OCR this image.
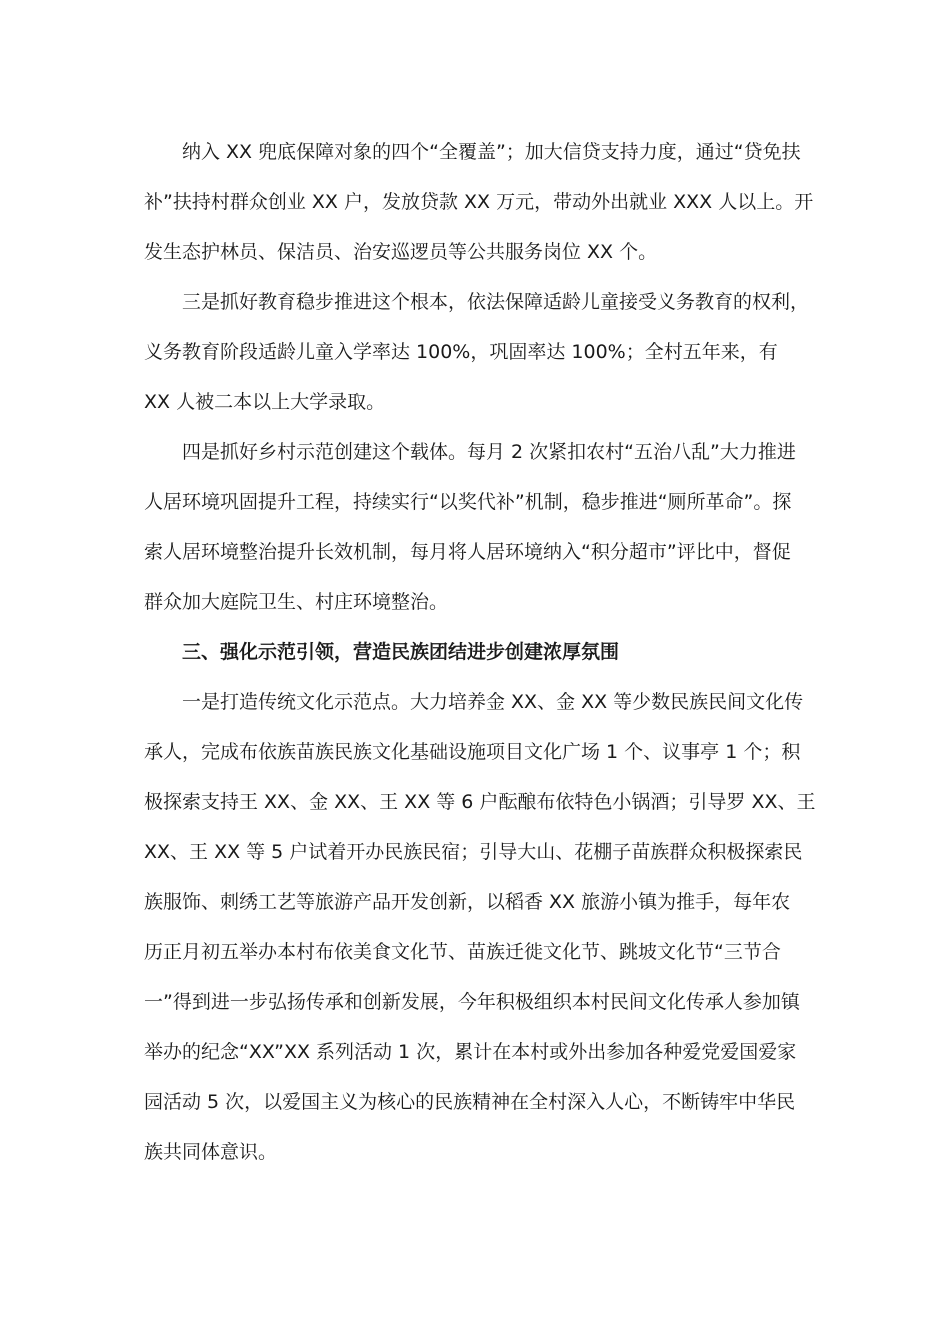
　　纳入 XX 兜底保障对象的四个“全覆盖”；加大信贷支持力度，通过“贷免扶
补”扶持村群众创业 XX 户，发放贷款 XX 万元，带动外出就业 XXX 人以上。开
发生态护林员、保洁员、治安巡逻员等公共服务岗位 XX 个。
　　三是抓好教育稳步推进这个根本，依法保障适龄儿童接受义务教育的权利，
义务教育阶段适龄儿童入学率达 100%，巩固率达 100%；全村五年来，有
XX 人被二本以上大学录取。
　　四是抓好乡村示范创建这个载体。每月 2 次紧扣农村“五治八乱”大力推进
人居环境巩固提升工程，持续实行“以奖代补”机制，稳步推进“厕所革命”。探
索人居环境整治提升长效机制，每月将人居环境纳入“积分超市”评比中，督促
群众加大庭院卫生、村庄环境整治。
　　三、强化示范引领，营造民族团结进步创建浓厚氛围
　　一是打造传统文化示范点。大力培养金 XX、金 XX 等少数民族民间文化传
承人，完成布依族苗族民族文化基础设施项目文化广场 1 个、议事亭 1 个；积
极探索支持王 XX、金 XX、王 XX 等 6 户酝酿布依特色小锅酒；引导罗 XX、王
XX、王 XX 等 5 户试着开办民族民宿；引导大山、花棚子苗族群众积极探索民
族服饰、刺绣工艺等旅游产品开发创新，以稻香 XX 旅游小镇为推手，每年农
历正月初五举办本村布依美食文化节、苗族迁徙文化节、跳坡文化节“三节合
一”得到进一步弘扬传承和创新发展，今年积极组织本村民间文化传承人参加镇
举办的纪念“XX”XX 系列活动 1 次，累计在本村或外出参加各种爱党爱国爱家
园活动 5 次，以爱国主义为核心的民族精神在全村深入人心，不断铸牢中华民
族共同体意识。
